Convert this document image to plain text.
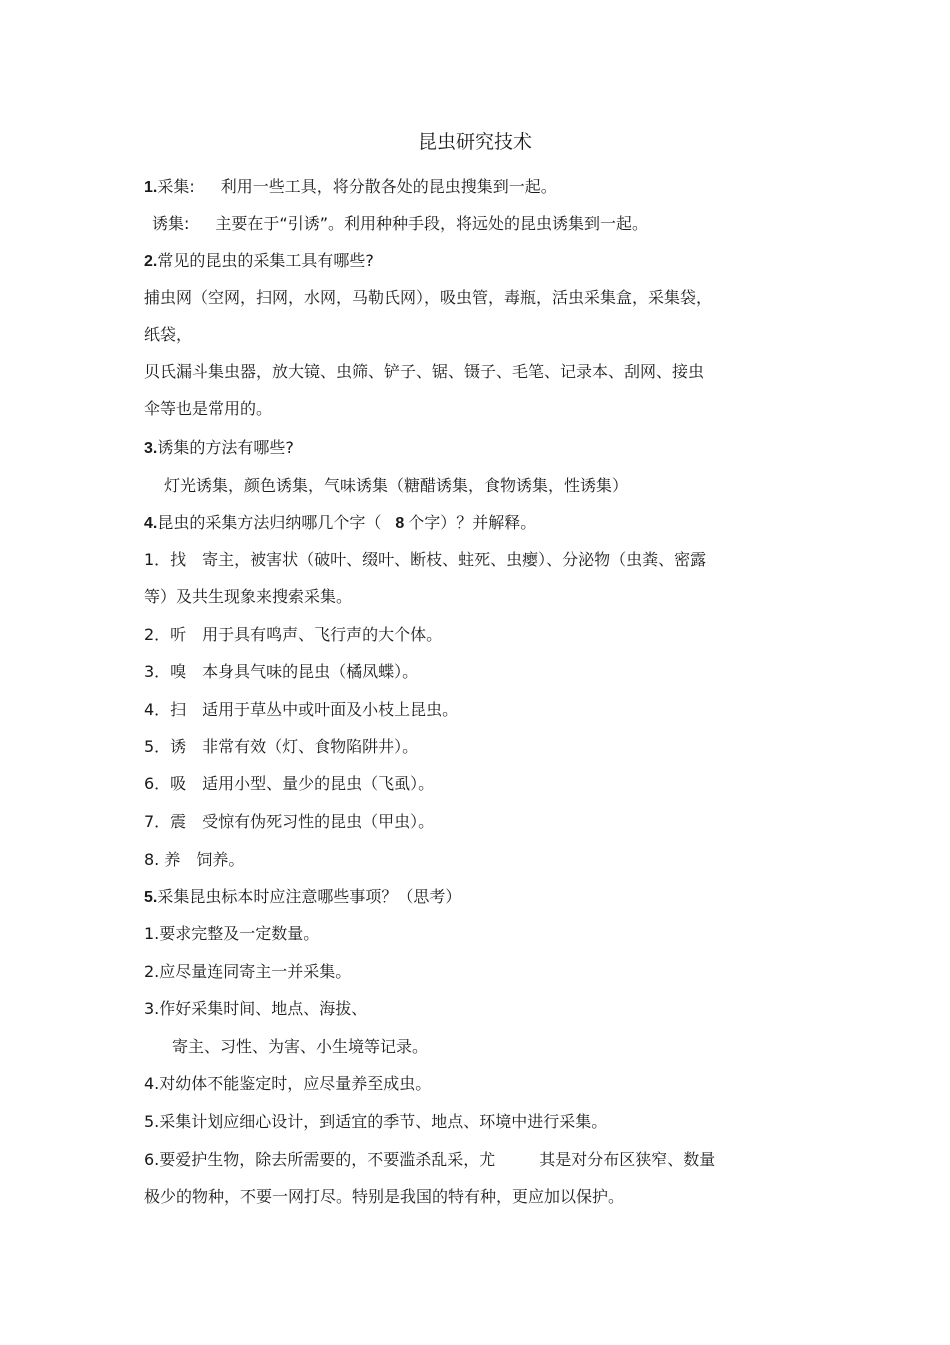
昆虫研究技术
1.采集: 利用一些工具，将分散各处的昆虫搜集到一起。
诱集: 主要在于“引诱”。利用种种手段，将远处的昆虫诱集到一起。
2.常见的昆虫的采集工具有哪些?
捕虫网（空网，扫网，水网，马勒氏网），吸虫管，毒瓶，活虫采集盒，采集袋，
纸袋，
贝氏漏斗集虫器，放大镜、虫筛、铲子、锯、镊子、毛笔、记录本、刮网、接虫
伞等也是常用的。
3.诱集的方法有哪些?
灯光诱集，颜色诱集，气味诱集（糖醋诱集，食物诱集，性诱集）
4.昆虫的采集方法归纳哪几个字（ 8 个字）？并解释。
1．找　寄主，被害状（破叶、缀叶、断枝、蛀死、虫瘿）、分泌物（虫粪、密露
等）及共生现象来搜索采集。
2．听　用于具有鸣声、飞行声的大个体。
3．嗅　本身具气味的昆虫（橘凤蝶）。
4．扫　适用于草丛中或叶面及小枝上昆虫。
5．诱　非常有效（灯、食物陷阱井）。
6．吸　适用小型、量少的昆虫（飞虱）。
7．震　受惊有伪死习性的昆虫（甲虫）。
8. 养　饲养。
5.采集昆虫标本时应注意哪些事项？（思考）
1.要求完整及一定数量。
2.应尽量连同寄主一并采集。
3.作好采集时间、地点、海拔、
寄主、习性、为害、小生境等记录。
4.对幼体不能鉴定时，应尽量养至成虫。
5.采集计划应细心设计，到适宜的季节、地点、环境中进行采集。
6.要爱护生物，除去所需要的，不要滥杀乱采，尤	其是对分布区狭窄、数量
极少的物种，不要一网打尽。特别是我国的特有种，更应加以保护。
